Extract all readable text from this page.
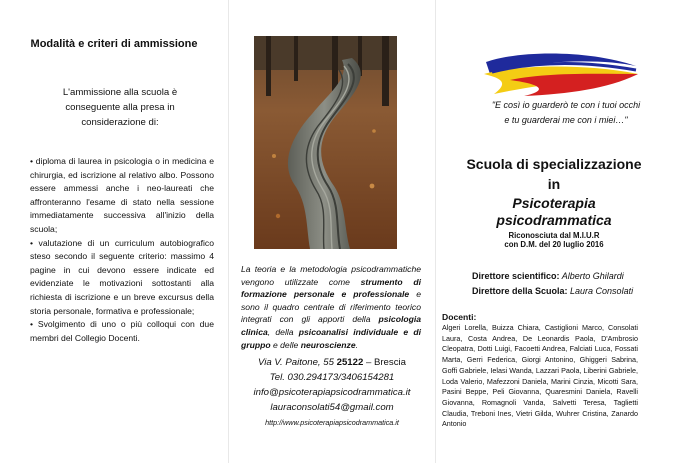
Modalità e criteri di ammissione
L'ammissione alla scuola è conseguente alla presa in considerazione di:

• diploma di laurea in psicologia o in medicina e chirurgia, ed iscrizione al relativo albo. Possono essere ammessi anche i neo-laureati che affronteranno l'esame di stato nella sessione immediatamente successiva all'inizio della scuola;

• valutazione di un curriculum autobiografico steso secondo il seguente criterio: massimo 4 pagine in cui devono essere indicate ed evidenziate le motivazioni sottostanti alla richiesta di iscrizione e un breve excursus della storia personale, formativa e professionale;

• Svolgimento di uno o più colloqui con due membri del Collegio Docenti.

La teoria e la metodologia psicodrammatiche vengono utilizzate come strumento di formazione personale e professionale e sono il quadro centrale di riferimento teorico integrati con gli apporti della psicologia clinica, della psicoanalisi individuale e di gruppo e delle neuroscienze.
Via V. Paitone, 55 25122 – Brescia
Tel. 030.294173/3406154281
info@psicoterapiapsicodrammatica.it
lauraconsolati54@gmail.com
http://www.psicoterapiapsicodrammatica.it
"E così io guarderò te con i tuoi occhi
e tu guarderai me con i miei…"
Scuola di specializzazione
in
Psicoterapia
psicodrammatica
Riconosciuta dal M.I.U.R
con D.M. del 20 luglio 2016
Direttore scientifico: Alberto Ghilardi
Direttore della Scuola: Laura Consolati
Docenti:
Algeri Lorella, Buizza Chiara, Castiglioni Marco, Consolati Laura, Costa Andrea, De Leonardis Paola, D'Ambrosio Cleopatra, Dotti Luigi, Facoetti Andrea, Falciati Luca, Fossati Marta, Gerri Federica, Giorgi Antonino, Ghiggeri Sabrina, Goffi Gabriele, Ielasi Wanda, Lazzari Paola, Liberini Gabriele, Loda Valerio, Mafezzoni Daniela, Marini Cinzia, Micotti Sara, Pasini Beppe, Peli Giovanna, Quaresmini Daniela, Ravelli Giovanna, Romagnoli Vanda, Salvetti Teresa, Taglietti Claudia, Treboni Ines, Vietri Gilda, Wuhrer Cristina, Zanardo Antonio
